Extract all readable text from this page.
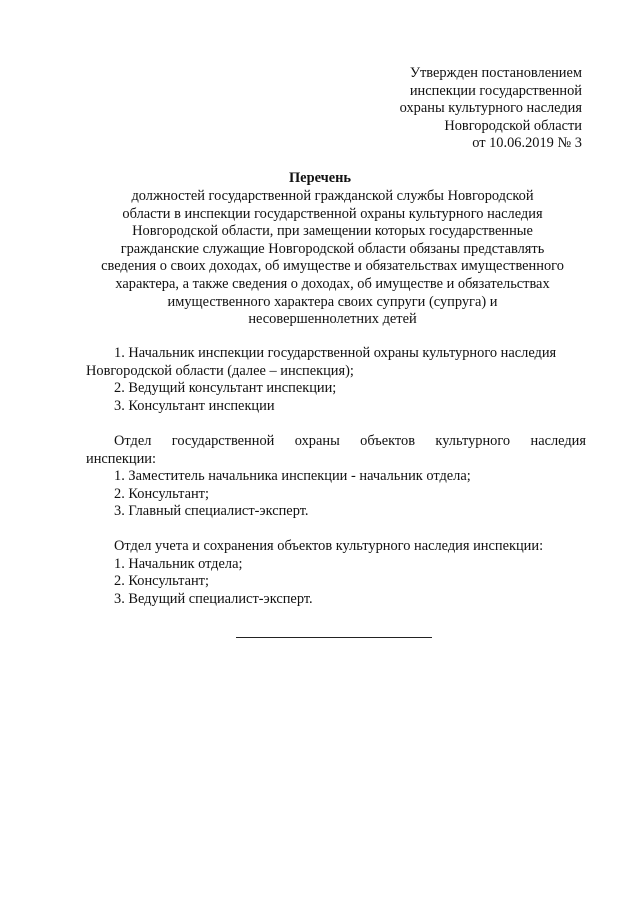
Утвержден постановлением
инспекции государственной
охраны культурного наследия
Новгородской области
от 10.06.2019 № 3
Перечень
должностей государственной гражданской службы Новгородской
области в инспекции государственной охраны культурного наследия
Новгородской области, при замещении которых государственные
гражданские служащие Новгородской области обязаны представлять
сведения о своих доходах, об имуществе и обязательствах имущественного
характера, а также сведения о доходах, об имуществе и обязательствах
имущественного характера своих супруги (супруга) и
несовершеннолетних детей
1. Начальник инспекции государственной охраны культурного наследия
Новгородской области (далее – инспекция);
2. Ведущий консультант инспекции;
3. Консультант инспекции
Отдел государственной охраны объектов культурного наследия
инспекции:
1. Заместитель начальника инспекции - начальник отдела;
2. Консультант;
3. Главный специалист-эксперт.
Отдел учета и сохранения объектов культурного наследия инспекции:
1. Начальник отдела;
2. Консультант;
3. Ведущий специалист-эксперт.
